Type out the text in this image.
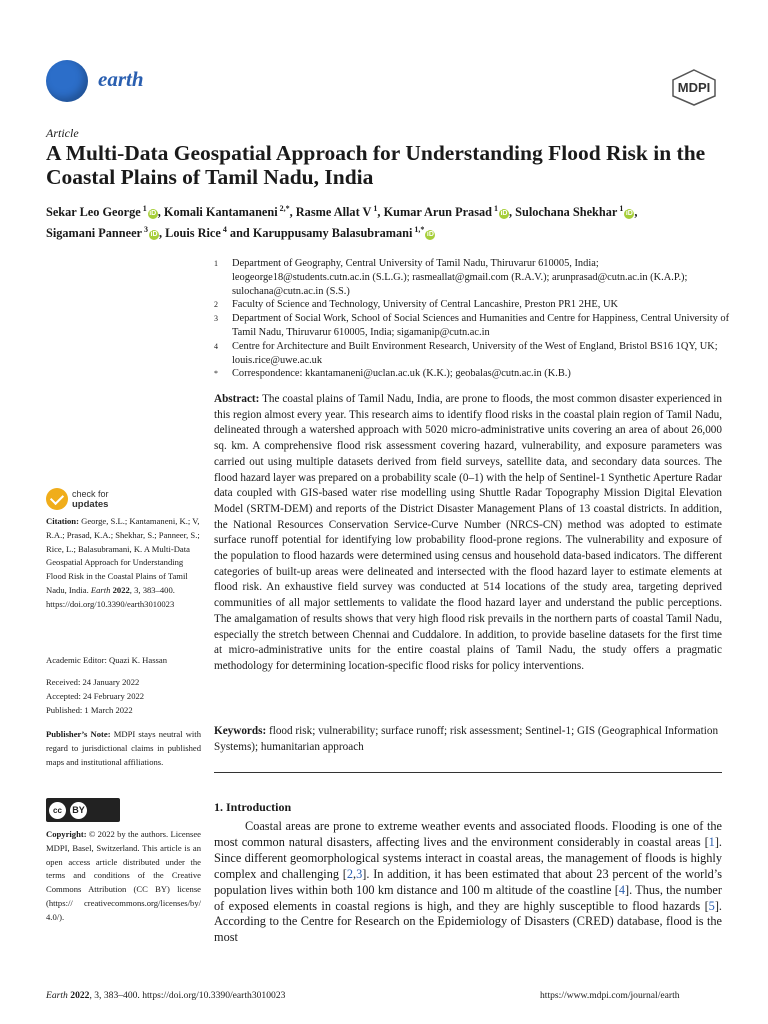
earth	MDPI
Article
A Multi-Data Geospatial Approach for Understanding Flood Risk in the Coastal Plains of Tamil Nadu, India
Sekar Leo George $^1$iD , Komali Kantamaneni $^{2,*}$, Rasme Allat V $^1$, Kumar Arun Prasad $^1$iD , Sulochana Shekhar $^1$iD ,
Sigamani Panneer $^3$iD , Louis Rice $^4$ and Karuppusamy Balasubramani $^{1,*}$iD
1	Department of Geography, Central University of Tamil Nadu, Thiruvarur 610005, India; leogeorge18@students.cutn.ac.in (S.L.G.); rasmeallat@gmail.com (R.A.V.); arunprasad@cutn.ac.in (K.A.P.); sulochana@cutn.ac.in (S.S.)
2	Faculty of Science and Technology, University of Central Lancashire, Preston PR1 2HE, UK
3	Department of Social Work, School of Social Sciences and Humanities and Centre for Happiness, Central University of Tamil Nadu, Thiruvarur 610005, India; sigamanip@cutn.ac.in
4	Centre for Architecture and Built Environment Research, University of the West of England, Bristol BS16 1QY, UK; louis.rice@uwe.ac.uk
*	Correspondence: kkantamaneni@uclan.ac.uk (K.K.); geobalas@cutn.ac.in (K.B.)
Abstract: The coastal plains of Tamil Nadu, India, are prone to floods, the most common disaster experienced in this region almost every year. This research aims to identify flood risks in the coastal plain region of Tamil Nadu, delineated through a watershed approach with 5020 micro-administrative units covering an area of about 26,000 sq. km. A comprehensive flood risk assessment covering hazard, vulnerability, and exposure parameters was carried out using multiple datasets derived from field surveys, satellite data, and secondary data sources. The flood hazard layer was prepared on a probability scale (0–1) with the help of Sentinel-1 Synthetic Aperture Radar data coupled with GIS-based water rise modelling using Shuttle Radar Topography Mission Digital Elevation Model (SRTM-DEM) and reports of the District Disaster Management Plans of 13 coastal districts. In addition, the National Resources Conservation Service-Curve Number (NRCS-CN) method was adopted to estimate surface runoff potential for identifying low probability flood-prone regions. The vulnerability and exposure of the population to flood hazards were determined using census and household data-based indicators. The different categories of built-up areas were delineated and intersected with the flood hazard layer to estimate elements at flood risk. An exhaustive field survey was conducted at 514 locations of the study area, targeting deprived communities of all major settlements to validate the flood hazard layer and understand the public perceptions. The amalgamation of results shows that very high flood risk prevails in the northern parts of coastal Tamil Nadu, especially the stretch between Chennai and Cuddalore. In addition, to provide baseline datasets for the first time at micro-administrative units for the entire coastal plains of Tamil Nadu, the study offers a pragmatic methodology for determining location-specific flood risks for policy interventions.
Keywords: flood risk; vulnerability; surface runoff; risk assessment; Sentinel-1; GIS (Geographical Information Systems); humanitarian approach
1. Introduction
Coastal areas are prone to extreme weather events and associated floods. Flooding is one of the most common natural disasters, affecting lives and the environment considerably in coastal areas [1]. Since different geomorphological systems interact in coastal areas, the management of floods is highly complex and challenging [2,3]. In addition, it has been estimated that about 23 percent of the world’s population lives within both 100 km distance and 100 m altitude of the coastline [4]. Thus, the number of exposed elements in coastal regions is high, and they are highly susceptible to flood hazards [5]. According to the Centre for Research on the Epidemiology of Disasters (CRED) database, flood is the most
check for
updates
Citation: George, S.L.; Kantamaneni, K.; V, R.A.; Prasad, K.A.; Shekhar, S.; Panneer, S.; Rice, L.; Balasubramani, K. A Multi-Data Geospatial Approach for Understanding Flood Risk in the Coastal Plains of Tamil Nadu, India. Earth 2022, 3, 383–400. https://doi.org/10.3390/earth3010023
Academic Editor: Quazi K. Hassan
Received: 24 January 2022
Accepted: 24 February 2022
Published: 1 March 2022
Publisher’s Note: MDPI stays neutral with regard to jurisdictional claims in published maps and institutional affiliations.
cc	BY
Copyright: © 2022 by the authors. Licensee MDPI, Basel, Switzerland. This article is an open access article distributed under the terms and conditions of the Creative Commons Attribution (CC BY) license (https:// creativecommons.org/licenses/by/ 4.0/).
Earth 2022, 3, 383–400. https://doi.org/10.3390/earth3010023	https://www.mdpi.com/journal/earth
